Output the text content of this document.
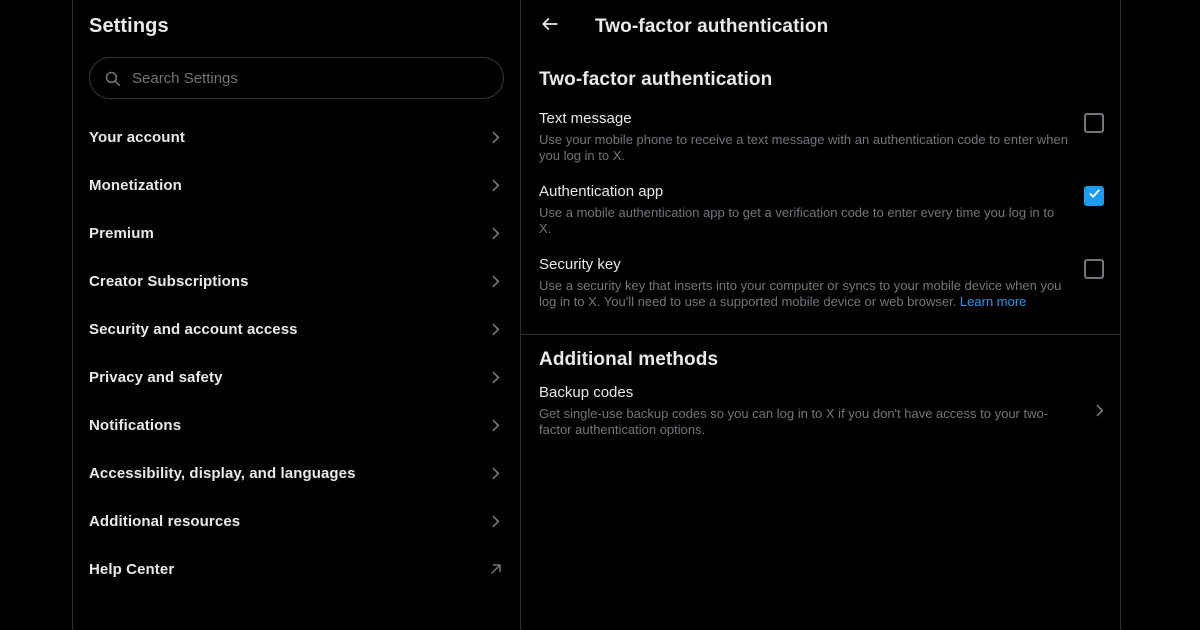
Settings
Search Settings
Your account
Monetization
Premium
Creator Subscriptions
Security and account access
Privacy and safety
Notifications
Accessibility, display, and languages
Additional resources
Help Center
Two-factor authentication
Two-factor authentication
Text message
Use your mobile phone to receive a text message with an authentication code to enter when you log in to X.
Authentication app
Use a mobile authentication app to get a verification code to enter every time you log in to X.
Security key
Use a security key that inserts into your computer or syncs to your mobile device when you log in to X. You'll need to use a supported mobile device or web browser. Learn more
Additional methods
Backup codes
Get single-use backup codes so you can log in to X if you don't have access to your two-factor authentication options.
